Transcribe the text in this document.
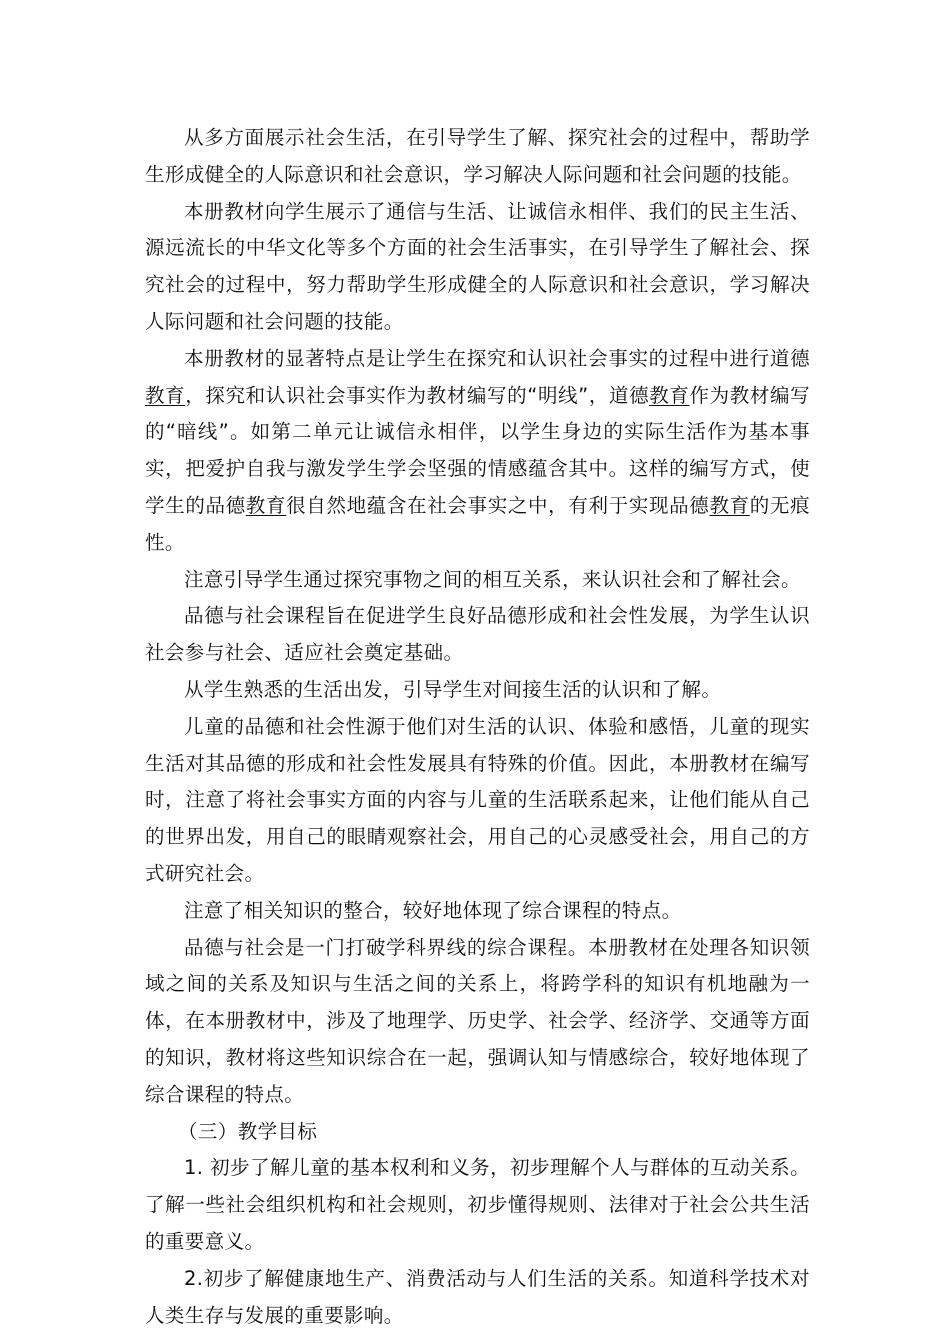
从多方面展示社会生活，在引导学生了解、探究社会的过程中，帮助学生形成健全的人际意识和社会意识，学习解决人际问题和社会问题的技能。

本册教材向学生展示了通信与生活、让诚信永相伴、我们的民主生活、源远流长的中华文化等多个方面的社会生活事实，在引导学生了解社会、探究社会的过程中，努力帮助学生形成健全的人际意识和社会意识，学习解决人际问题和社会问题的技能。

本册教材的显著特点是让学生在探究和认识社会事实的过程中进行道德教育，探究和认识社会事实作为教材编写的“明线”，道德教育作为教材编写的“暗线”。如第二单元让诚信永相伴，以学生身边的实际生活作为基本事实，把爱护自我与激发学生学会坚强的情感蕴含其中。这样的编写方式，使学生的品德教育很自然地蕴含在社会事实之中，有利于实现品德教育的无痕性。

注意引导学生通过探究事物之间的相互关系，来认识社会和了解社会。

品德与社会课程旨在促进学生良好品德形成和社会性发展，为学生认识社会参与社会、适应社会奠定基础。

从学生熟悉的生活出发，引导学生对间接生活的认识和了解。

儿童的品德和社会性源于他们对生活的认识、体验和感悟，儿童的现实生活对其品德的形成和社会性发展具有特殊的价值。因此，本册教材在编写时，注意了将社会事实方面的内容与儿童的生活联系起来，让他们能从自己的世界出发，用自己的眼睛观察社会，用自己的心灵感受社会，用自己的方式研究社会。

注意了相关知识的整合，较好地体现了综合课程的特点。

品德与社会是一门打破学科界线的综合课程。本册教材在处理各知识领域之间的关系及知识与生活之间的关系上，将跨学科的知识有机地融为一体，在本册教材中，涉及了地理学、历史学、社会学、经济学、交通等方面的知识，教材将这些知识综合在一起，强调认知与情感综合，较好地体现了综合课程的特点。

（三）教学目标

1. 初步了解儿童的基本权利和义务，初步理解个人与群体的互动关系。了解一些社会组织机构和社会规则，初步懂得规则、法律对于社会公共生活的重要意义。

2.初步了解健康地生产、消费活动与人们生活的关系。知道科学技术对人类生存与发展的重要影响。
